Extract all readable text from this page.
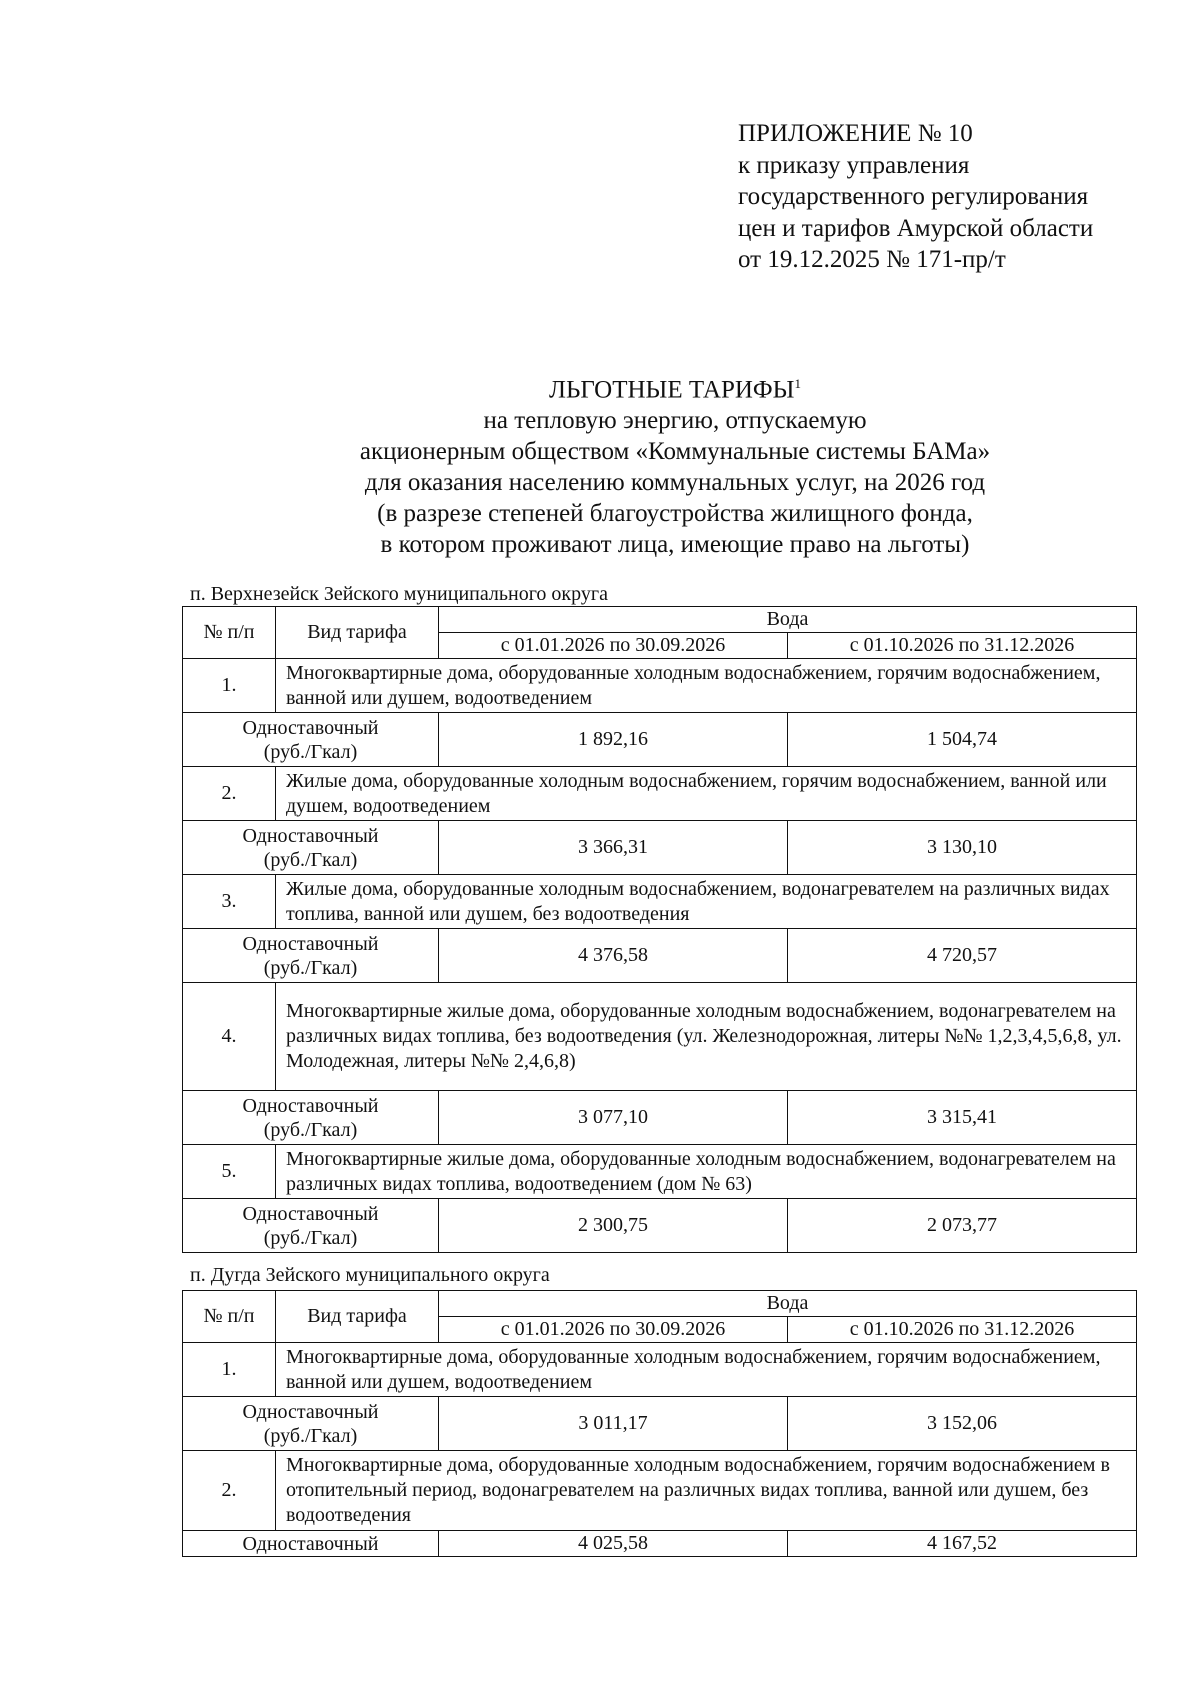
ПРИЛОЖЕНИЕ № 10
к приказу управления
государственного регулирования
цен и тарифов Амурской области
от 19.12.2025 № 171-пр/т
ЛЬГОТНЫЕ ТАРИФЫ$^1$
на тепловую энергию, отпускаемую
акционерным обществом «Коммунальные системы БАМа»
для оказания населению коммунальных услуг, на 2026 год
(в разрезе степеней благоустройства жилищного фонда,
в котором проживают лица, имеющие право на льготы)
п. Верхнезейск Зейского муниципального округа
№ п/п	Вид тарифа	Вода	
		с 01.01.2026 по 30.09.2026	с 01.10.2026 по 31.12.2026
1.	Многоквартирные дома, оборудованные холодным водоснабжением, горячим водоснабжением, ванной или душем, водоотведением		

Одноставочный
(руб./Гкал)		1 892,16	1 504,74
2.	Жилые дома, оборудованные холодным водоснабжением, горячим водоснабжением, ванной или душем, водоотведением		

Одноставочный
(руб./Гкал)		3 366,31	3 130,10
3.	Жилые дома, оборудованные холодным водоснабжением, водонагревателем на различных видах топлива, ванной или душем, без водоотведения		

Одноставочный
(руб./Гкал)		4 376,58	4 720,57
4.	Многоквартирные жилые дома, оборудованные холодным водоснабжением, водонагревателем на различных видах топлива, без водоотведения (ул. Железнодорожная, литеры №№ 1,2,3,4,5,6,8, ул. Молодежная, литеры №№ 2,4,6,8)		

Одноставочный
(руб./Гкал)		3 077,10	3 315,41
5.	Многоквартирные жилые дома, оборудованные холодным водоснабжением, водонагревателем на различных видах топлива, водоотведением (дом № 63)		

Одноставочный
(руб./Гкал)		2 300,75	2 073,77
п. Дугда Зейского муниципального округа
№ п/п	Вид тарифа	Вода	
		с 01.01.2026 по 30.09.2026	с 01.10.2026 по 31.12.2026
1.	Многоквартирные дома, оборудованные холодным водоснабжением, горячим водоснабжением, ванной или душем, водоотведением		

Одноставочный
(руб./Гкал)		3 011,17	3 152,06
2.	Многоквартирные дома, оборудованные холодным водоснабжением, горячим водоснабжением в отопительный период, водонагревателем на различных видах топлива, ванной или душем, без водоотведения		
Одноставочный		4 025,58	4 167,52
